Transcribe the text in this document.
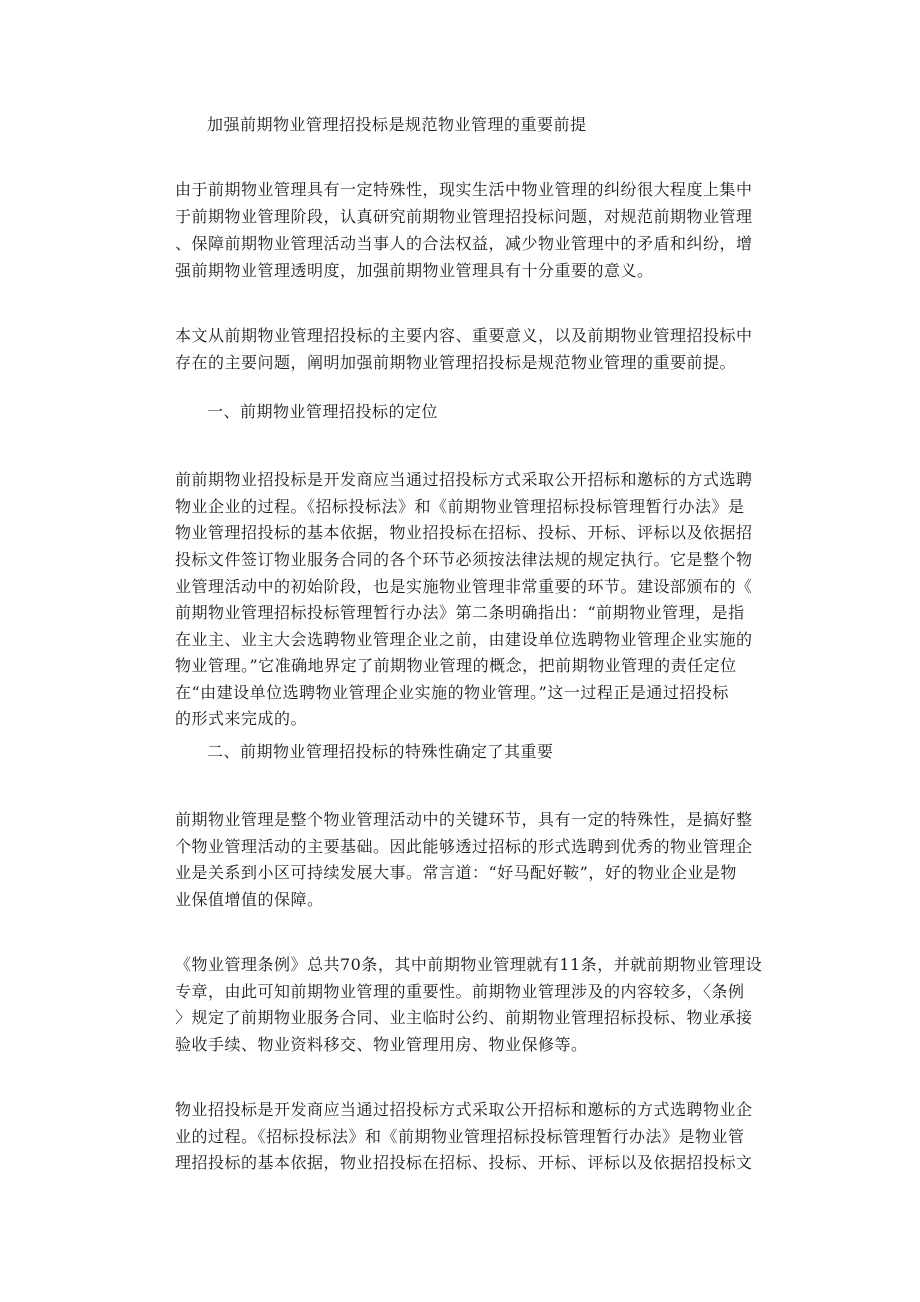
加强前期物业管理招投标是规范物业管理的重要前提
由于前期物业管理具有一定特殊性，现实生活中物业管理的纠纷很大程度上集中
于前期物业管理阶段，认真研究前期物业管理招投标问题，对规范前期物业管理
、保障前期物业管理活动当事人的合法权益，减少物业管理中的矛盾和纠纷，增
强前期物业管理透明度，加强前期物业管理具有十分重要的意义。
本文从前期物业管理招投标的主要内容、重要意义，以及前期物业管理招投标中
存在的主要问题，阐明加强前期物业管理招投标是规范物业管理的重要前提。
一、前期物业管理招投标的定位
前前期物业招投标是开发商应当通过招投标方式采取公开招标和邀标的方式选聘
物业企业的过程。《招标投标法》和《前期物业管理招标投标管理暂行办法》是
物业管理招投标的基本依据，物业招投标在招标、投标、开标、评标以及依据招
投标文件签订物业服务合同的各个环节必须按法律法规的规定执行。它是整个物
业管理活动中的初始阶段，也是实施物业管理非常重要的环节。建设部颁布的《
前期物业管理招标投标管理暂行办法》第二条明确指出：“前期物业管理，是指
在业主、业主大会选聘物业管理企业之前，由建设单位选聘物业管理企业实施的
物业管理。”它准确地界定了前期物业管理的概念，把前期物业管理的责任定位
在“由建设单位选聘物业管理企业实施的物业管理。”这一过程正是通过招投标
的形式来完成的。
二、前期物业管理招投标的特殊性确定了其重要
前期物业管理是整个物业管理活动中的关键环节，具有一定的特殊性，是搞好整
个物业管理活动的主要基础。因此能够透过招标的形式选聘到优秀的物业管理企
业是关系到小区可持续发展大事。常言道：“好马配好鞍”，好的物业企业是物
业保值增值的保障。
《物业管理条例》总共70条，其中前期物业管理就有11条，并就前期物业管理设
专章，由此可知前期物业管理的重要性。前期物业管理涉及的内容较多，〈条例
〉规定了前期物业服务合同、业主临时公约、前期物业管理招标投标、物业承接
验收手续、物业资料移交、物业管理用房、物业保修等。
物业招投标是开发商应当通过招投标方式采取公开招标和邀标的方式选聘物业企
业的过程。《招标投标法》和《前期物业管理招标投标管理暂行办法》是物业管
理招投标的基本依据，物业招投标在招标、投标、开标、评标以及依据招投标文
